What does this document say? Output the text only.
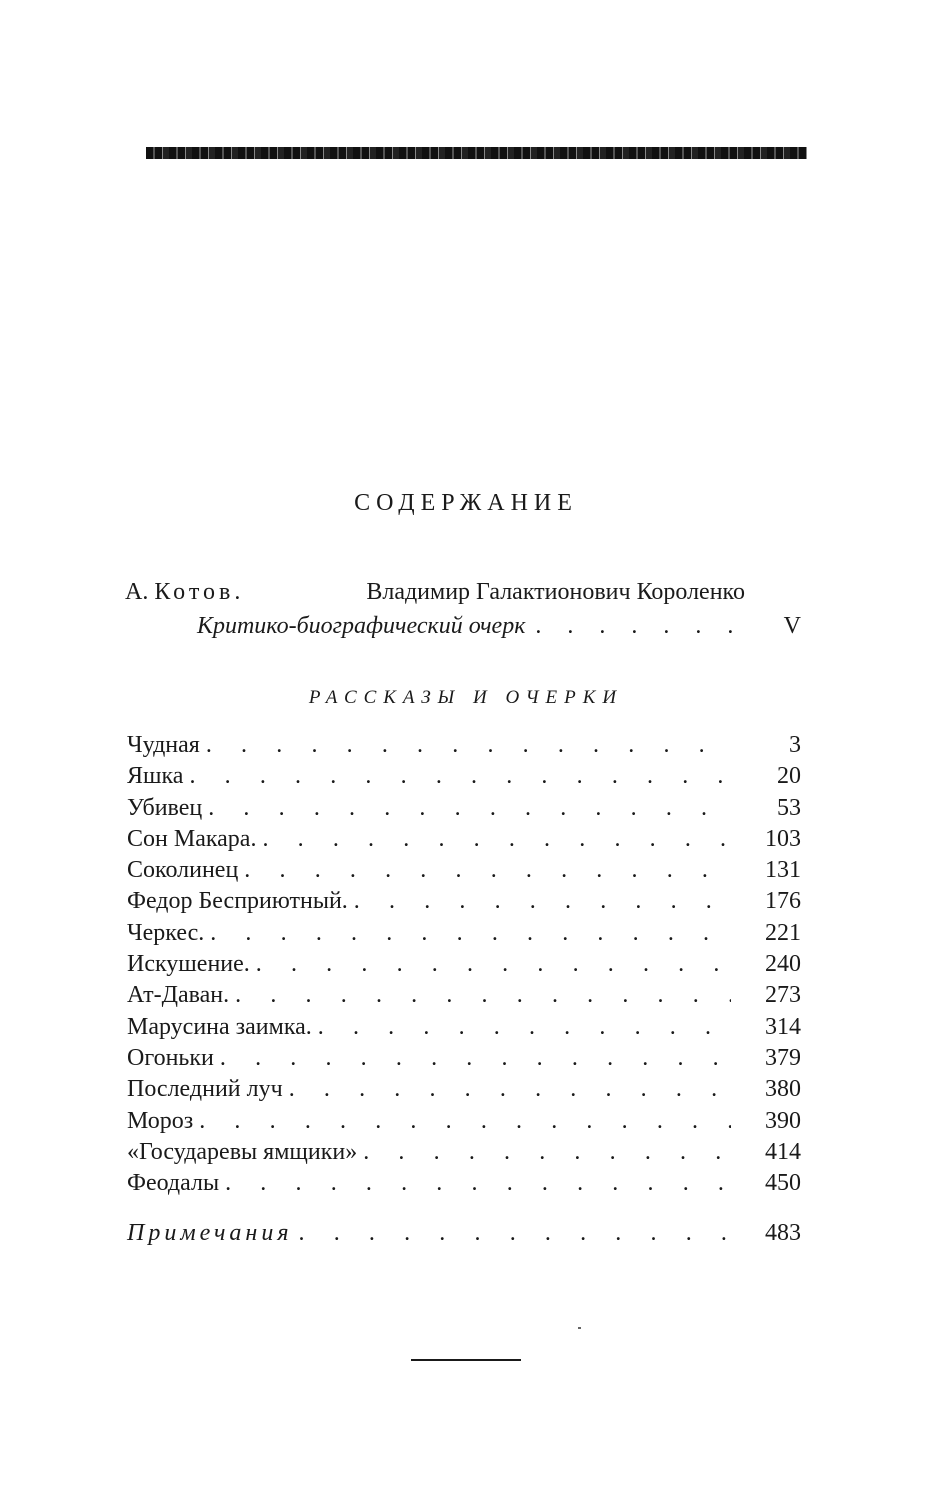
СОДЕРЖАНИЕ
А. Котов.	Владимир Галактионович Короленко
Критико-биографический очерк . . .	V
РАССКАЗЫ И ОЧЕРКИ
Чудная . . .	3
Яшка . . .	20
Убивец . . .	53
Сон Макара. . . .	103
Соколинец . . .	131
Федор Бесприютный. . . .	176
Черкес. . . .	221
Искушение. . . .	240
Ат-Даван. . . .	273
Марусина заимка. . . .	314
Огоньки . . .	379
Последний луч . . .	380
Мороз . . .	390
«Государевы ямщики» . . .	414
Феодалы . . .	450
Примечания . . .	483
